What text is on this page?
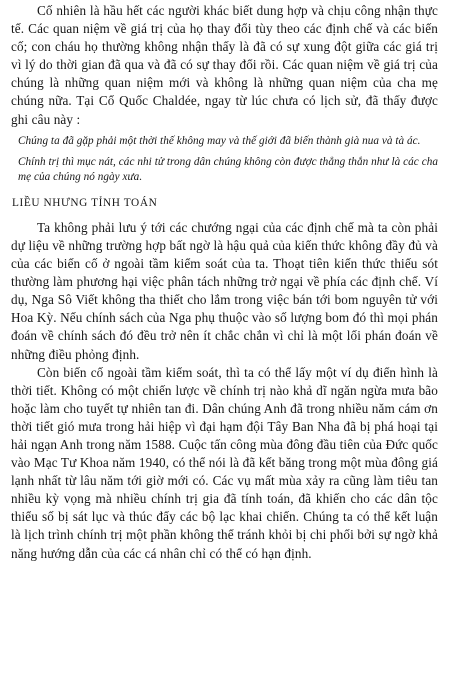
Cố nhiên là hầu hết các người khác biết dung hợp và chịu công nhận thực tế. Các quan niệm về giá trị của họ thay đổi tùy theo các định chế và các biến cố; con cháu họ thường không nhận thấy là đã có sự xung đột giữa các giá trị vì lý do thời gian đã qua và đã có sự thay đổi rồi. Các quan niệm về giá trị của chúng là những quan niệm mới và không là những quan niệm của cha mẹ chúng nữa. Tại Cổ Quốc Chaldée, ngay từ lúc chưa có lịch sử, đã thấy được ghi câu này :

Chúng ta đã gặp phải một thời thế không may và thế giới đã biến thành già nua và tà ác.

Chính trị thì mục nát, các nhi tử trong dân chúng không còn được thẳng thắn như là các cha mẹ của chúng nó ngày xưa.

LIỀU NHƯNG TỈNH TOÁN

Ta không phải lưu ý tới các chướng ngại của các định chế mà ta còn phải dự liệu về những trường hợp bất ngờ là hậu quả của kiến thức không đầy đủ và của các biến cố ở ngoài tầm kiểm soát của ta. Thoạt tiên kiến thức thiếu sót thường làm phương hại việc phân tách những trở ngại về phía các định chế. Ví dụ, Nga Sô Viết không tha thiết cho lắm trong việc bán tới bom nguyên tử với Hoa Kỳ. Nếu chính sách của Nga phụ thuộc vào số lượng bom đó thì mọi phán đoán về chính sách đó đều trở nên ít chắc chắn vì chỉ là một lối phán đoán về những điều phỏng định.

Còn biến cố ngoài tầm kiểm soát, thì ta có thể lấy một ví dụ điển hình là thời tiết. Không có một chiến lược về chính trị nào khả dĩ ngăn ngừa mưa bão hoặc làm cho tuyết tự nhiên tan đi. Dân chúng Anh đã trong nhiều năm cám ơn thời tiết gió mưa trong hải hiệp vì đại hạm đội Tây Ban Nha đã bị phá hoại tại hải ngạn Anh trong năm 1588. Cuộc tấn công mùa đông đầu tiên của Đức quốc vào Mạc Tư Khoa năm 1940, có thể nói là đã kết băng trong một mùa đông giá lạnh nhất từ lâu năm tới giờ mới có. Các vụ mất mùa xảy ra cũng làm tiêu tan nhiều kỳ vọng mà nhiều chính trị gia đã tính toán, đã khiến cho các dân tộc thiểu số bị sát lục và thúc đẩy các bộ lạc khai chiến. Chúng ta có thể kết luận là lịch trình chính trị một phần không thể tránh khỏi bị chi phối bởi sự ngờ khả năng hướng dẫn của các cá nhân chỉ có thể có hạn định.
